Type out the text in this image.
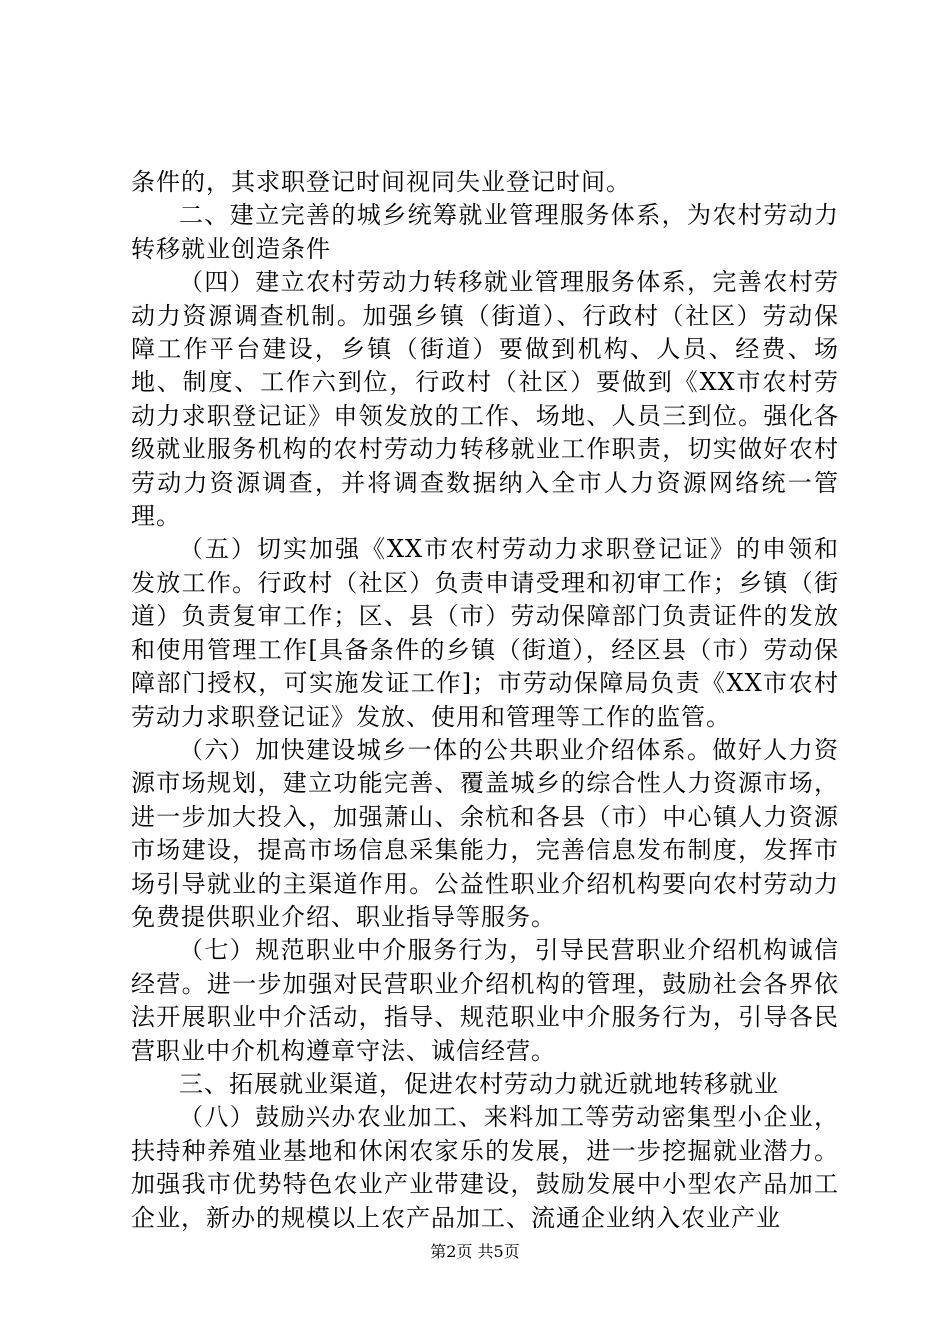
条件的，其求职登记时间视同失业登记时间。

二、建立完善的城乡统筹就业管理服务体系，为农村劳动力转移就业创造条件

（四）建立农村劳动力转移就业管理服务体系，完善农村劳动力资源调查机制。加强乡镇（街道）、行政村（社区）劳动保障工作平台建设，乡镇（街道）要做到机构、人员、经费、场地、制度、工作六到位，行政村（社区）要做到《XX市农村劳动力求职登记证》申领发放的工作、场地、人员三到位。强化各级就业服务机构的农村劳动力转移就业工作职责，切实做好农村劳动力资源调查，并将调查数据纳入全市人力资源网络统一管理。

（五）切实加强《XX市农村劳动力求职登记证》的申领和发放工作。行政村（社区）负责申请受理和初审工作；乡镇（街道）负责复审工作；区、县（市）劳动保障部门负责证件的发放和使用管理工作[具备条件的乡镇（街道），经区县（市）劳动保障部门授权，可实施发证工作]；市劳动保障局负责《XX市农村劳动力求职登记证》发放、使用和管理等工作的监管。

（六）加快建设城乡一体的公共职业介绍体系。做好人力资源市场规划，建立功能完善、覆盖城乡的综合性人力资源市场，进一步加大投入，加强萧山、余杭和各县（市）中心镇人力资源市场建设，提高市场信息采集能力，完善信息发布制度，发挥市场引导就业的主渠道作用。公益性职业介绍机构要向农村劳动力免费提供职业介绍、职业指导等服务。

（七）规范职业中介服务行为，引导民营职业介绍机构诚信经营。进一步加强对民营职业介绍机构的管理，鼓励社会各界依法开展职业中介活动，指导、规范职业中介服务行为，引导各民营职业中介机构遵章守法、诚信经营。

三、拓展就业渠道，促进农村劳动力就近就地转移就业

（八）鼓励兴办农业加工、来料加工等劳动密集型小企业，扶持种养殖业基地和休闲农家乐的发展，进一步挖掘就业潜力。加强我市优势特色农业产业带建设，鼓励发展中小型农产品加工企业，新办的规模以上农产品加工、流通企业纳入农业产业

第2页 共5页
